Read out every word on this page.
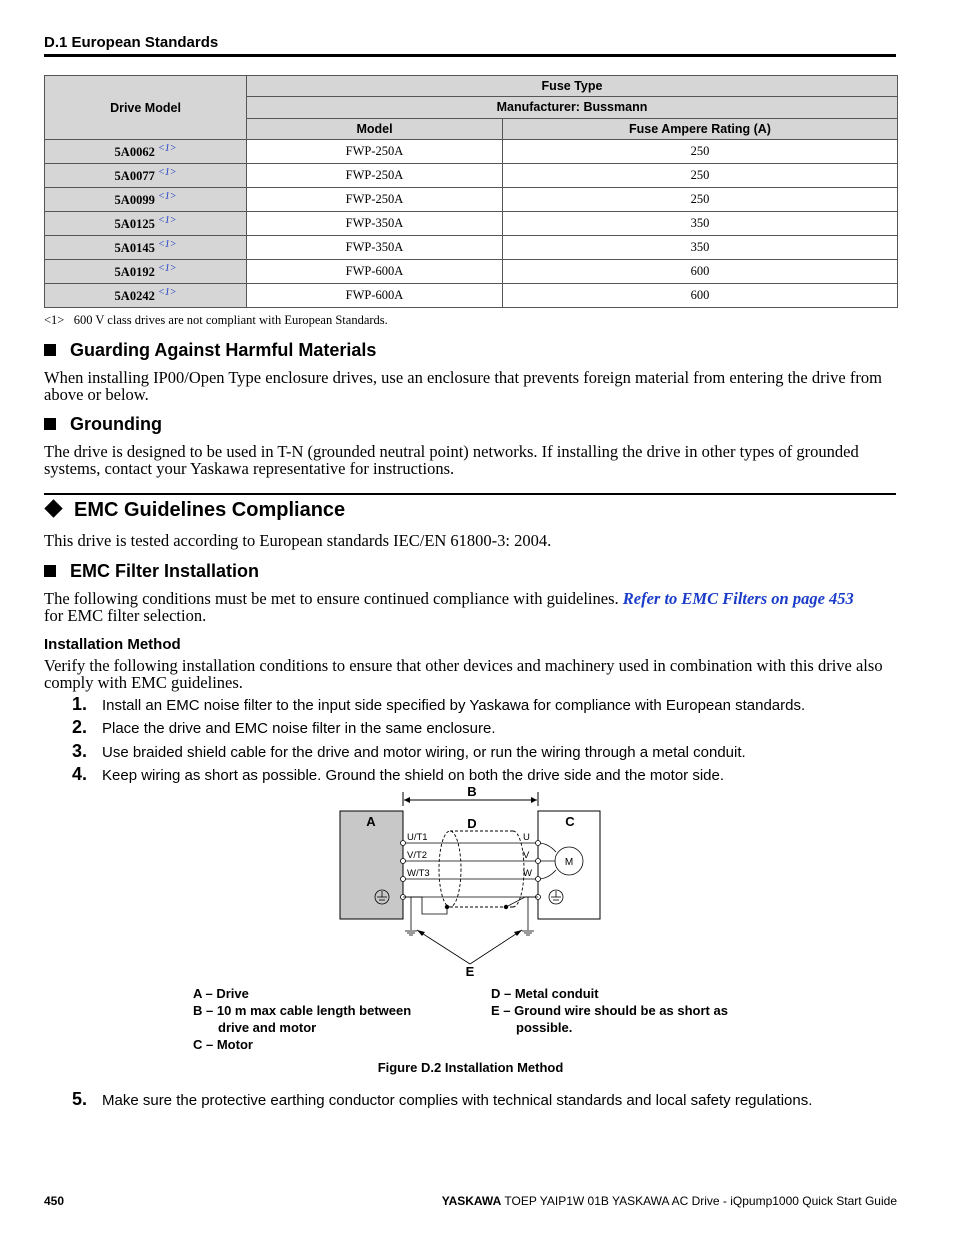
D.1 European Standards
Drive Model	Fuse Type	
	Manufacturer: Bussmann	
	Model	Fuse Ampere Rating (A)
5A0062 $^{<1>}$	FWP-250A	250
5A0077 $^{<1>}$	FWP-250A	250
5A0099 $^{<1>}$	FWP-250A	250
5A0125 $^{<1>}$	FWP-350A	350
5A0145 $^{<1>}$	FWP-350A	350
5A0192 $^{<1>}$	FWP-600A	600
5A0242 $^{<1>}$	FWP-600A	600
<1>   600 V class drives are not compliant with European Standards.
Guarding Against Harmful Materials
When installing IP00/Open Type enclosure drives, use an enclosure that prevents foreign material from entering the drive from above or below.
Grounding
The drive is designed to be used in T-N (grounded neutral point) networks. If installing the drive in other types of grounded systems, contact your Yaskawa representative for instructions.
EMC Guidelines Compliance
This drive is tested according to European standards IEC/EN 61800-3: 2004.
EMC Filter Installation
The following conditions must be met to ensure continued compliance with guidelines. Refer to EMC Filters on page 453
for EMC filter selection.
Installation Method
Verify the following installation conditions to ensure that other devices and machinery used in combination with this drive also comply with EMC guidelines.
1. Install an EMC noise filter to the input side specified by Yaskawa for compliance with European standards.
2. Place the drive and EMC noise filter in the same enclosure.
3. Use braided shield cable for the drive and motor wiring, or run the wiring through a metal conduit.
4. Keep wiring as short as possible. Ground the shield on both the drive side and the motor side.
B
A	C
M
D
U/T1
V/T2
W/T3
U
V
W
E
A – Drive
B – 10 m max cable length between
drive and motor
C – Motor
D – Metal conduit
E – Ground wire should be as short as
possible.
Figure D.2 Installation Method
5. Make sure the protective earthing conductor complies with technical standards and local safety regulations.
450	YASKAWA TOEP YAIP1W 01B YASKAWA AC Drive - iQpump1000 Quick Start Guide
